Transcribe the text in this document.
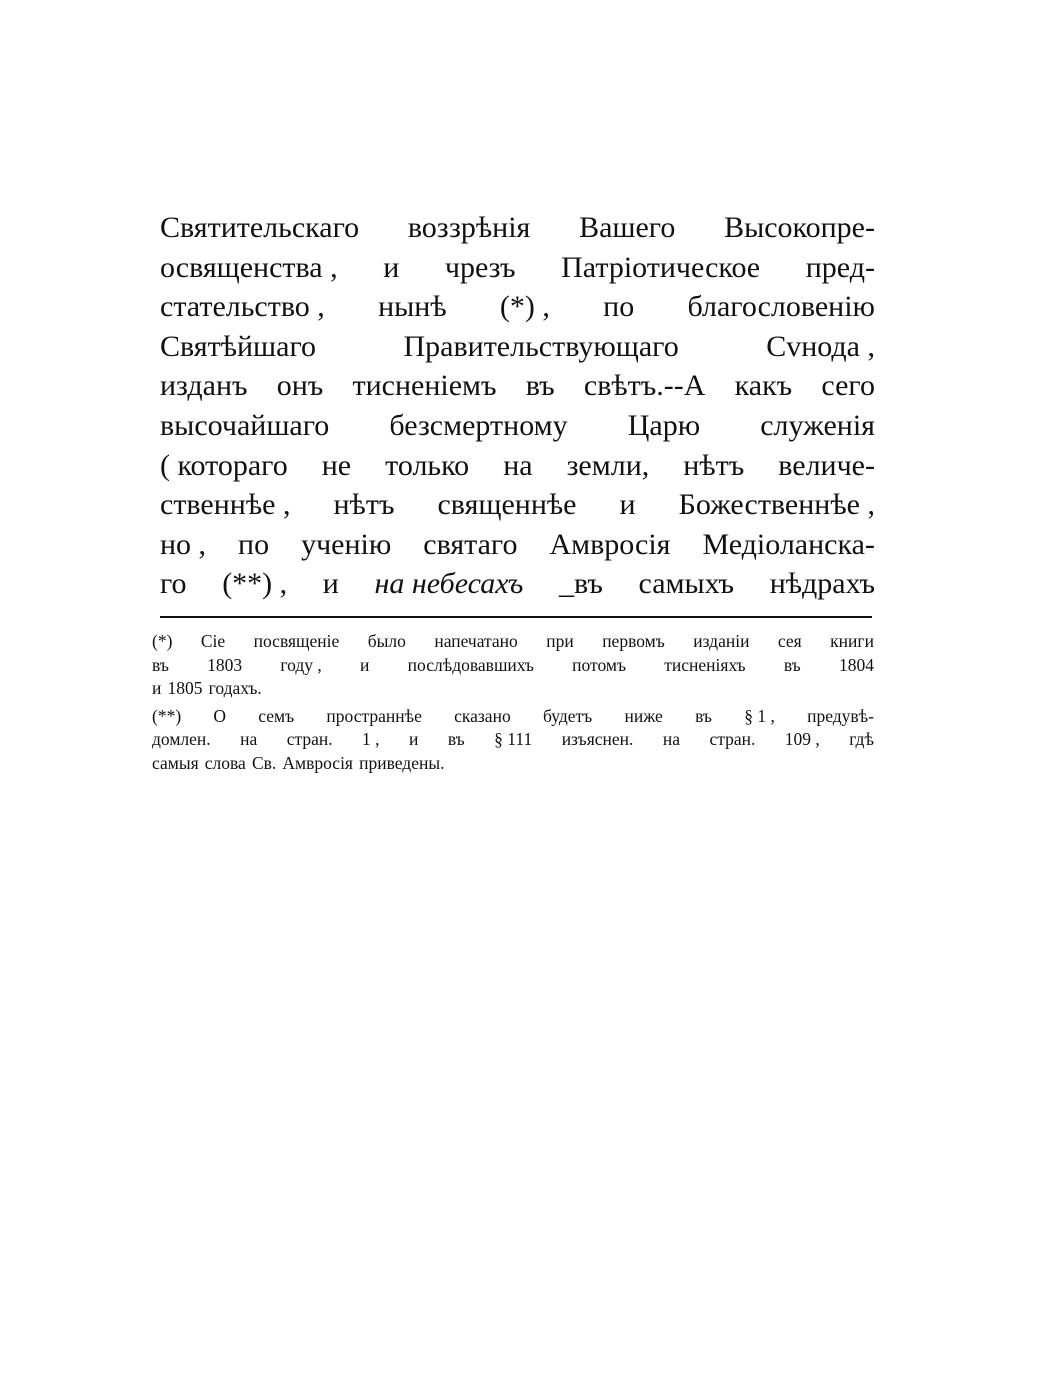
Святительскаго воззрѣнія Вашего Высокопре-
освященства , и чрезъ Патріотическое пред-
стательство , нынѣ (*) , по благословенію
Святѣйшаго	Правительствующаго	Сvнода ,
изданъ онъ тисненіемъ въ свѣтъ.--А какъ сего
высочайшаго безсмертному Царю служенія
( котораго не только на земли, нѣтъ величе-
ственнѣе , нѣтъ священнѣе и Божественнѣе ,
но , по ученію святаго Амвросія Медіоланска-
го (**) , и на небесахъ _въ самыхъ нѣдрахъ
(*) Сіе посвященіе было напечатано при первомъ изданіи сея книги
въ 1803 году , и послѣдовавшихъ потомъ тисненіяхъ въ 1804
и 1805 годахъ.
(**) О семъ пространнѣе сказано будетъ ниже въ § 1 , предувѣ-
домлен. на стран. 1 , и въ § 111 изъяснен. на стран. 109 , гдѣ
самыя слова Св. Амвросія приведены.
